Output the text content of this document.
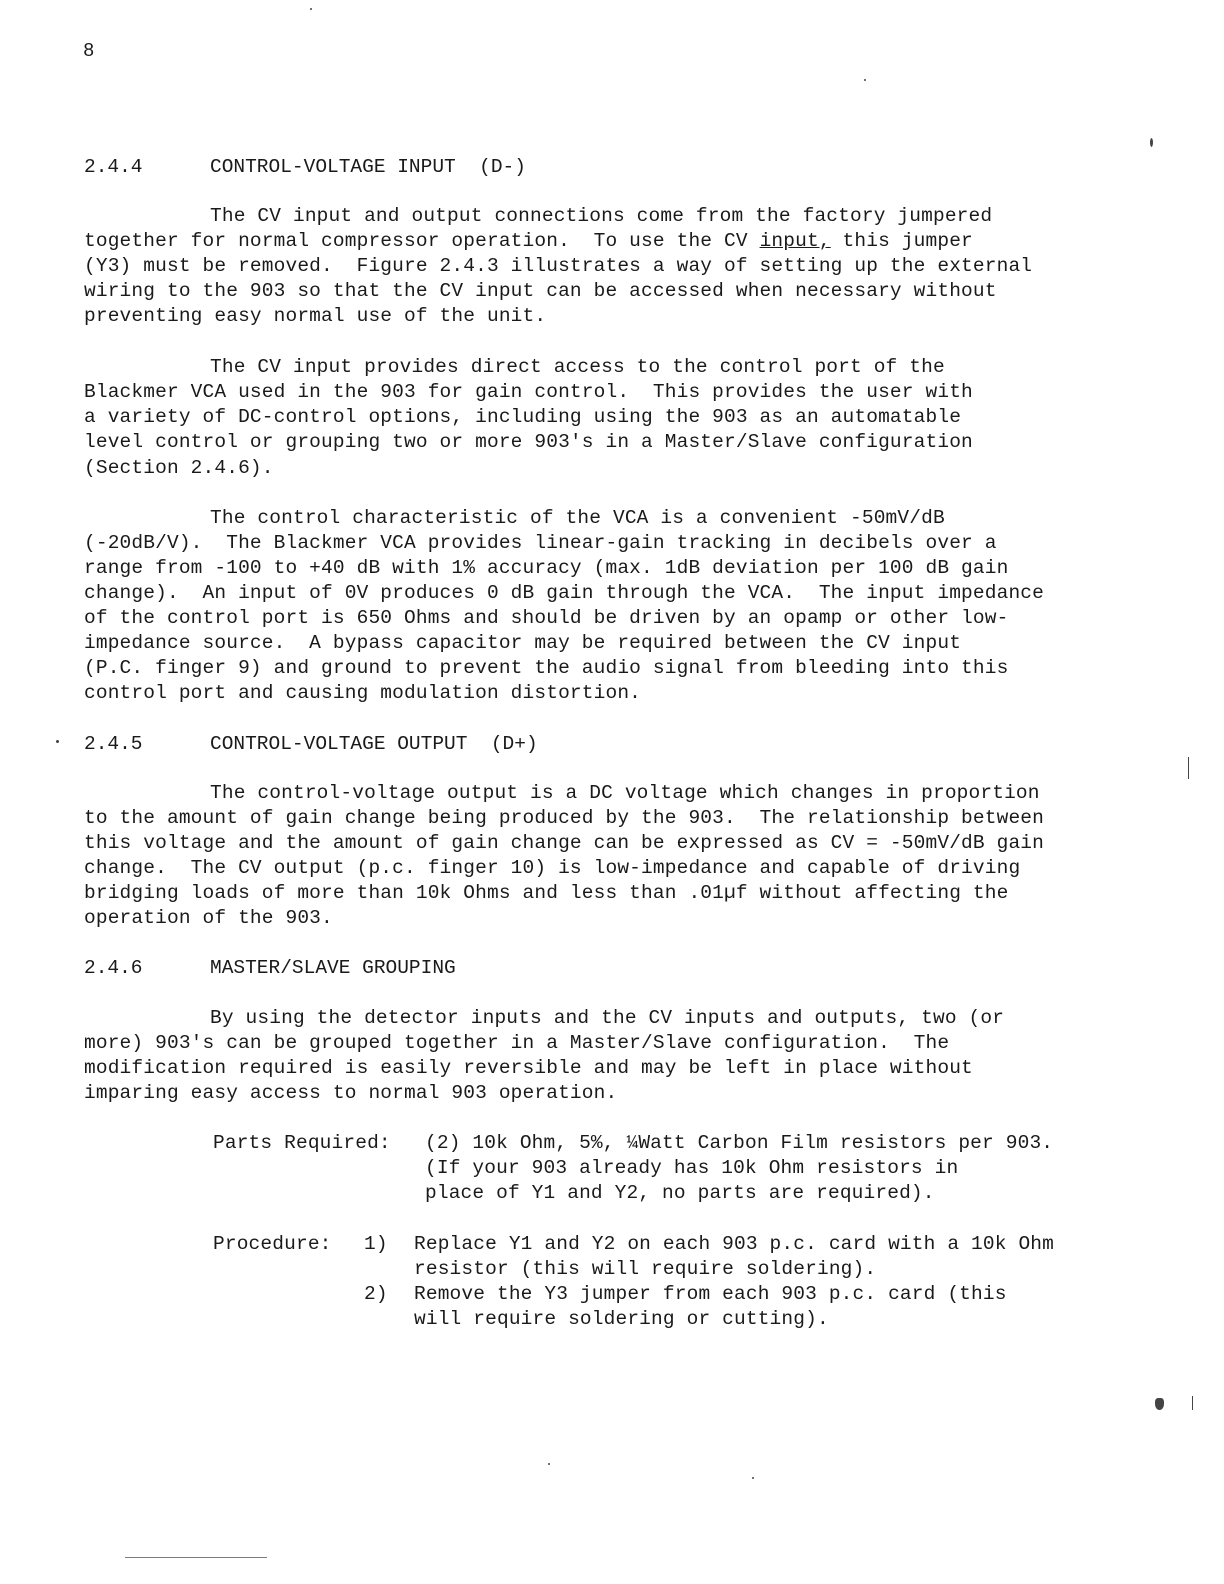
8
2.4.4	CONTROL-VOLTAGE INPUT  (D-)
The CV input and output connections come from the factory jumpered
together for normal compressor operation.  To use the CV input, this jumper
(Y3) must be removed.  Figure 2.4.3 illustrates a way of setting up the external
wiring to the 903 so that the CV input can be accessed when necessary without
preventing easy normal use of the unit.
The CV input provides direct access to the control port of the
Blackmer VCA used in the 903 for gain control.  This provides the user with
a variety of DC-control options, including using the 903 as an automatable
level control or grouping two or more 903's in a Master/Slave configuration
(Section 2.4.6).
The control characteristic of the VCA is a convenient -50mV/dB
(-20dB/V).  The Blackmer VCA provides linear-gain tracking in decibels over a
range from -100 to +40 dB with 1% accuracy (max. 1dB deviation per 100 dB gain
change).  An input of 0V produces 0 dB gain through the VCA.  The input impedance
of the control port is 650 Ohms and should be driven by an opamp or other low-
impedance source.  A bypass capacitor may be required between the CV input
(P.C. finger 9) and ground to prevent the audio signal from bleeding into this
control port and causing modulation distortion.
2.4.5	CONTROL-VOLTAGE OUTPUT  (D+)
The control-voltage output is a DC voltage which changes in proportion
to the amount of gain change being produced by the 903.  The relationship between
this voltage and the amount of gain change can be expressed as CV = -50mV/dB gain
change.  The CV output (p.c. finger 10) is low-impedance and capable of driving
bridging loads of more than 10k Ohms and less than .01µf without affecting the
operation of the 903.
2.4.6	MASTER/SLAVE GROUPING
By using the detector inputs and the CV inputs and outputs, two (or
more) 903's can be grouped together in a Master/Slave configuration.  The
modification required is easily reversible and may be left in place without
imparing easy access to normal 903 operation.
Parts Required: (2) 10k Ohm, 5%, ¼Watt Carbon Film resistors per 903.
(If your 903 already has 10k Ohm resistors in
place of Y1 and Y2, no parts are required).
Procedure: 1) Replace Y1 and Y2 on each 903 p.c. card with a 10k Ohm
resistor (this will require soldering).
2) Remove the Y3 jumper from each 903 p.c. card (this
will require soldering or cutting).
